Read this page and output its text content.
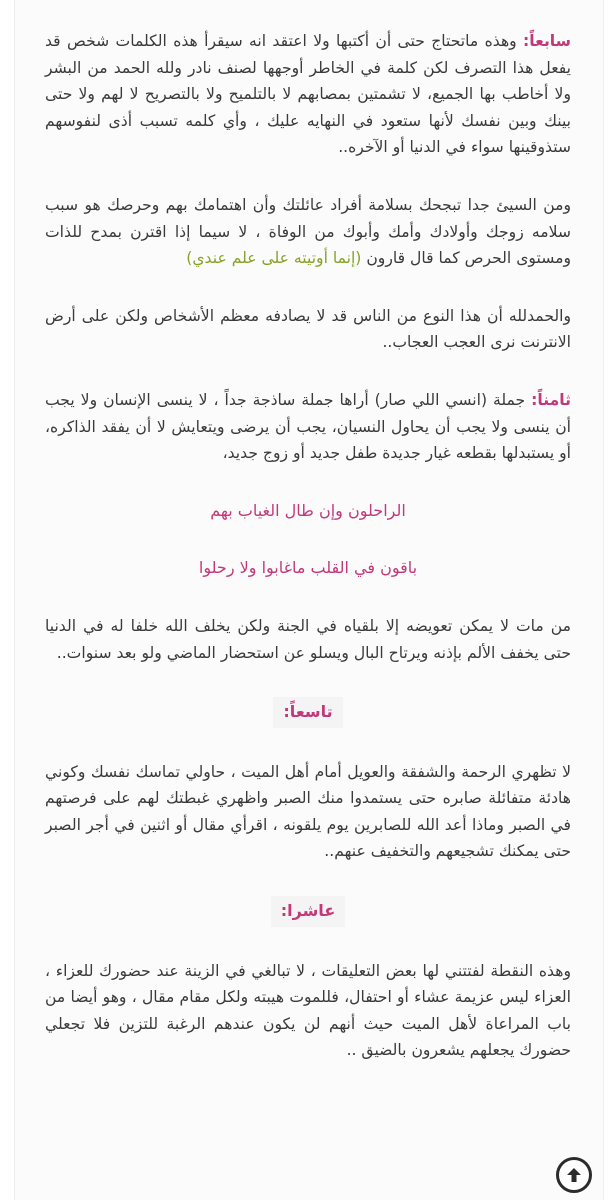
سابعاً: وهذه ماتحتاج حتى أن أكتبها ولا اعتقد انه سيقرأ هذه الكلمات شخص قد يفعل هذا التصرف لكن كلمة في الخاطر أوجهها لصنف نادر ولله الحمد من البشر ولا أخاطب بها الجميع، لا تشمتين بمصابهم لا بالتلميح ولا بالتصريح لا لهم ولا حتى بينك وبين نفسك لأنها ستعود في النهايه عليك ، وأي كلمه تسبب أذى لنفوسهم ستذوقينها سواء في الدنيا أو الآخره..

ومن السيئ جدا تبجحك بسلامة أفراد عائلتك وأن اهتمامك بهم وحرصك هو سبب سلامه زوجك وأولادك وأمك وأبوك من الوفاة ، لا سيما إذا اقترن بمدح للذات ومستوى الحرص كما قال قارون (إنما أوتيته على علم عندي)

والحمدلله أن هذا النوع من الناس قد لا يصادفه معظم الأشخاص ولكن على أرض الانترنت نرى العجب العجاب..

ثامناً: جملة (انسي اللي صار) أراها جملة ساذجة جداً ، لا ينسى الإنسان ولا يجب أن ينسى ولا يجب أن يحاول النسيان، يجب أن يرضى ويتعايش لا أن يفقد الذاكره، أو يستبدلها بقطعه غيار جديدة طفل جديد أو زوج جديد،

الراحلون وإن طال الغياب بهم

باقون في القلب ماغابوا ولا رحلوا

من مات لا يمكن تعويضه إلا بلقياه في الجنة ولكن يخلف الله خلفا له في الدنيا حتى يخفف الألم بإذنه ويرتاح البال ويسلو عن استحضار الماضي ولو بعد سنوات..

تاسعاً:

لا تظهري الرحمة والشفقة والعويل أمام أهل الميت ، حاولي تماسك نفسك وكوني هادئة متفائلة صابره حتى يستمدوا منك الصبر واظهري غبطتك لهم على فرصتهم في الصبر وماذا أعد الله للصابرين يوم يلقونه ، اقرأي مقال أو اثنين في أجر الصبر حتى يمكنك تشجيعهم والتخفيف عنهم..

عاشرا:

وهذه النقطة لفتتني لها بعض التعليقات ، لا تبالغي في الزينة عند حضورك للعزاء ، العزاء ليس عزيمة عشاء أو احتفال، فللموت هيبته ولكل مقام مقال ، وهو أيضا من باب المراعاة لأهل الميت حيث أنهم لن يكون عندهم الرغبة للتزين فلا تجعلي حضورك يجعلهم يشعرون بالضيق ..
